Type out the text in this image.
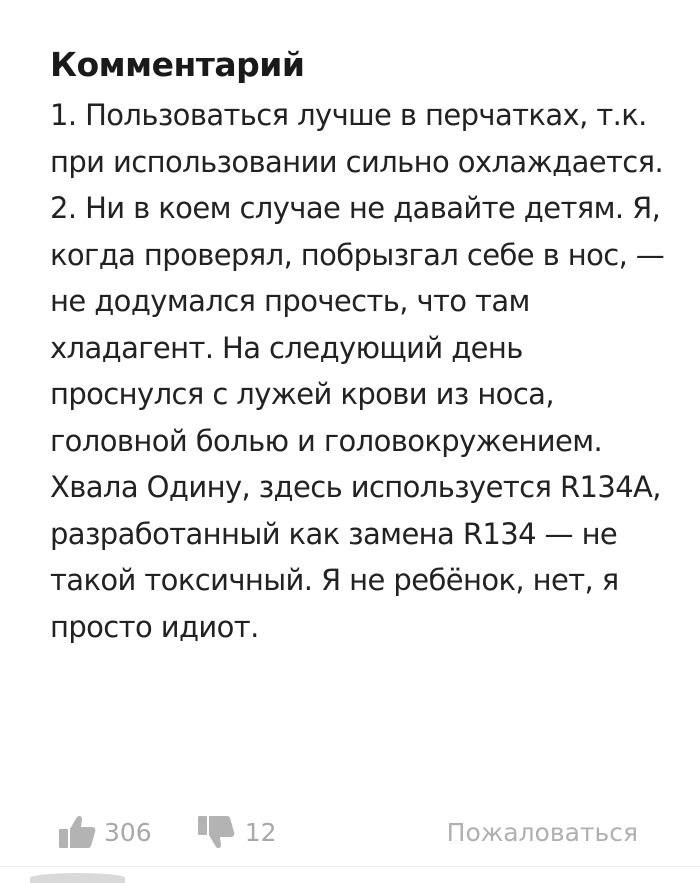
Комментарий

1. Пользоваться лучше в перчатках, т.к. при использовании сильно охлаждается.

2. Ни в коем случае не давайте детям. Я, когда проверял, побрызгал себе в нос, — не додумался прочесть, что там хладагент. На следующий день проснулся с лужей крови из носа, головной болью и головокружением. Хвала Одину, здесь используется R134A, разработанный как замена R134 — не такой токсичный. Я не ребёнок, нет, я просто идиот.

306	12	Пожаловаться
